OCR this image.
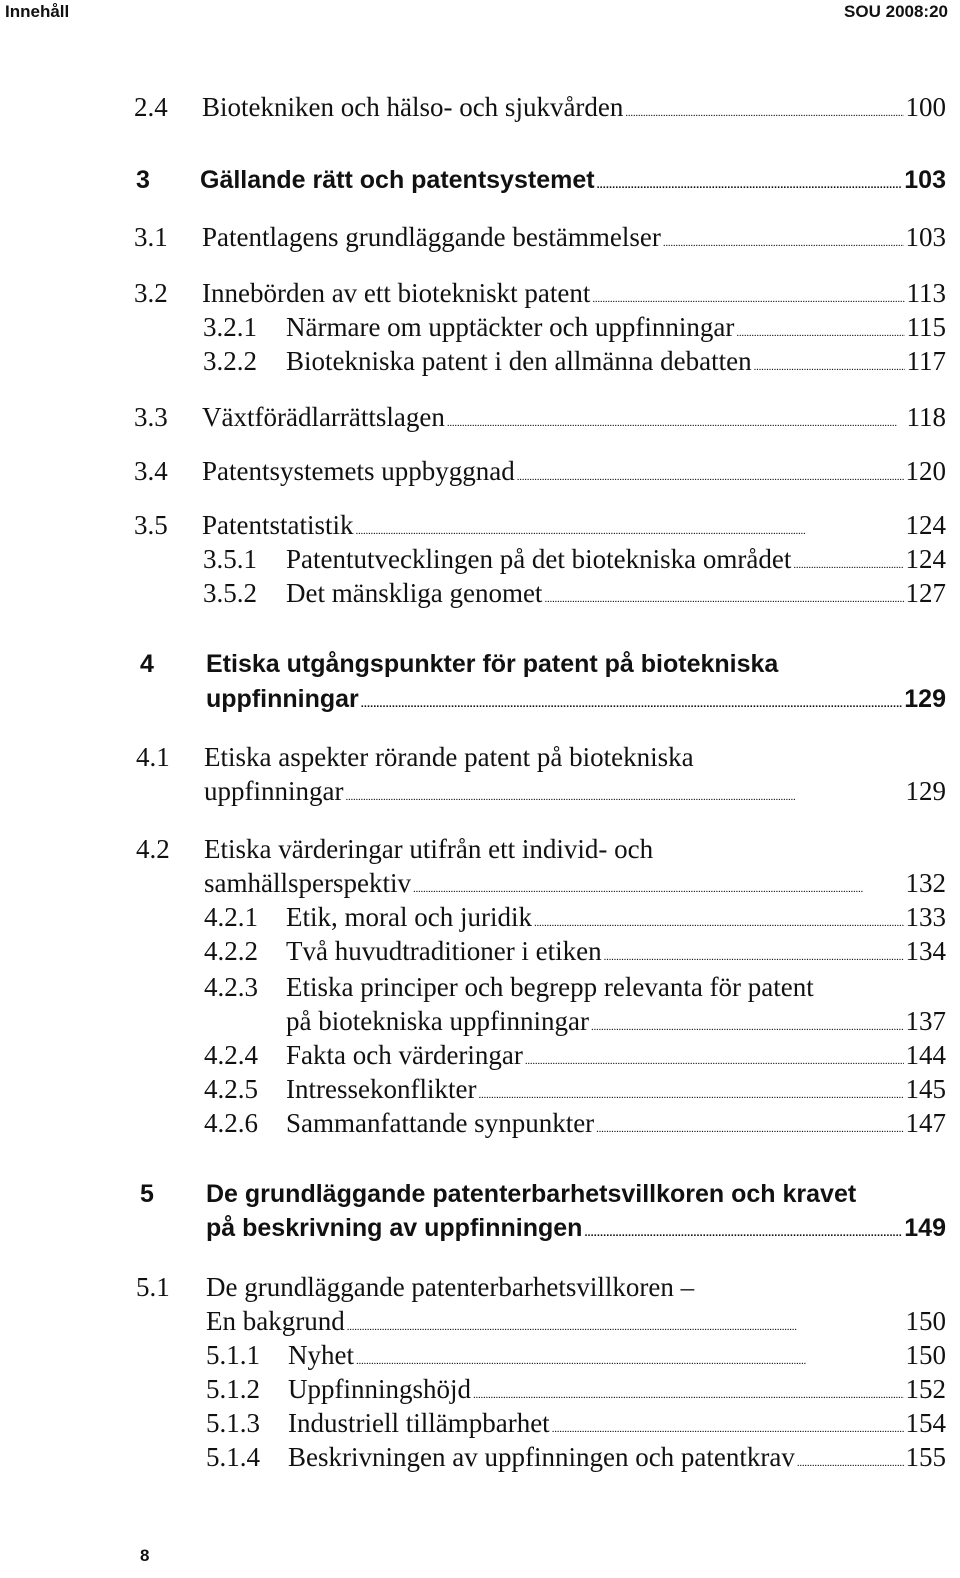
Innehåll	SOU 2008:20
2.4 Biotekniken och hälso- och sjukvården . . .	100
3 Gällande rätt och patentsystemet . . .	103
3.1 Patentlagens grundläggande bestämmelser . . .	103
3.2 Innebörden av ett biotekniskt patent . . .	113
3.2.1 Närmare om upptäckter och uppfinningar . . .	115
3.2.2 Biotekniska patent i den allmänna debatten . . .	117
3.3 Växtförädlarrättslagen . . .	118
3.4 Patentsystemets uppbyggnad . . .	120
3.5 Patentstatistik . . .	124
3.5.1 Patentutvecklingen på det biotekniska området . . .	124
3.5.2 Det mänskliga genomet . . .	127
4 Etiska utgångspunkter för patent på biotekniska
uppfinningar . . .	129
4.1 Etiska aspekter rörande patent på biotekniska
uppfinningar . . .	129
4.2 Etiska värderingar utifrån ett individ- och
samhällsperspektiv . . .	132
4.2.1 Etik, moral och juridik . . .	133
4.2.2 Två huvudtraditioner i etiken . . .	134
4.2.3 Etiska principer och begrepp relevanta för patent
på biotekniska uppfinningar . . .	137
4.2.4 Fakta och värderingar . . .	144
4.2.5 Intressekonflikter . . .	145
4.2.6 Sammanfattande synpunkter . . .	147
5 De grundläggande patenterbarhetsvillkoren och kravet
på beskrivning av uppfinningen . . .	149
5.1 De grundläggande patenterbarhetsvillkoren –
En bakgrund . . .	150
5.1.1 Nyhet . . .	150
5.1.2 Uppfinningshöjd . . .	152
5.1.3 Industriell tillämpbarhet . . .	154
5.1.4 Beskrivningen av uppfinningen och patentkrav . . .	155
8
